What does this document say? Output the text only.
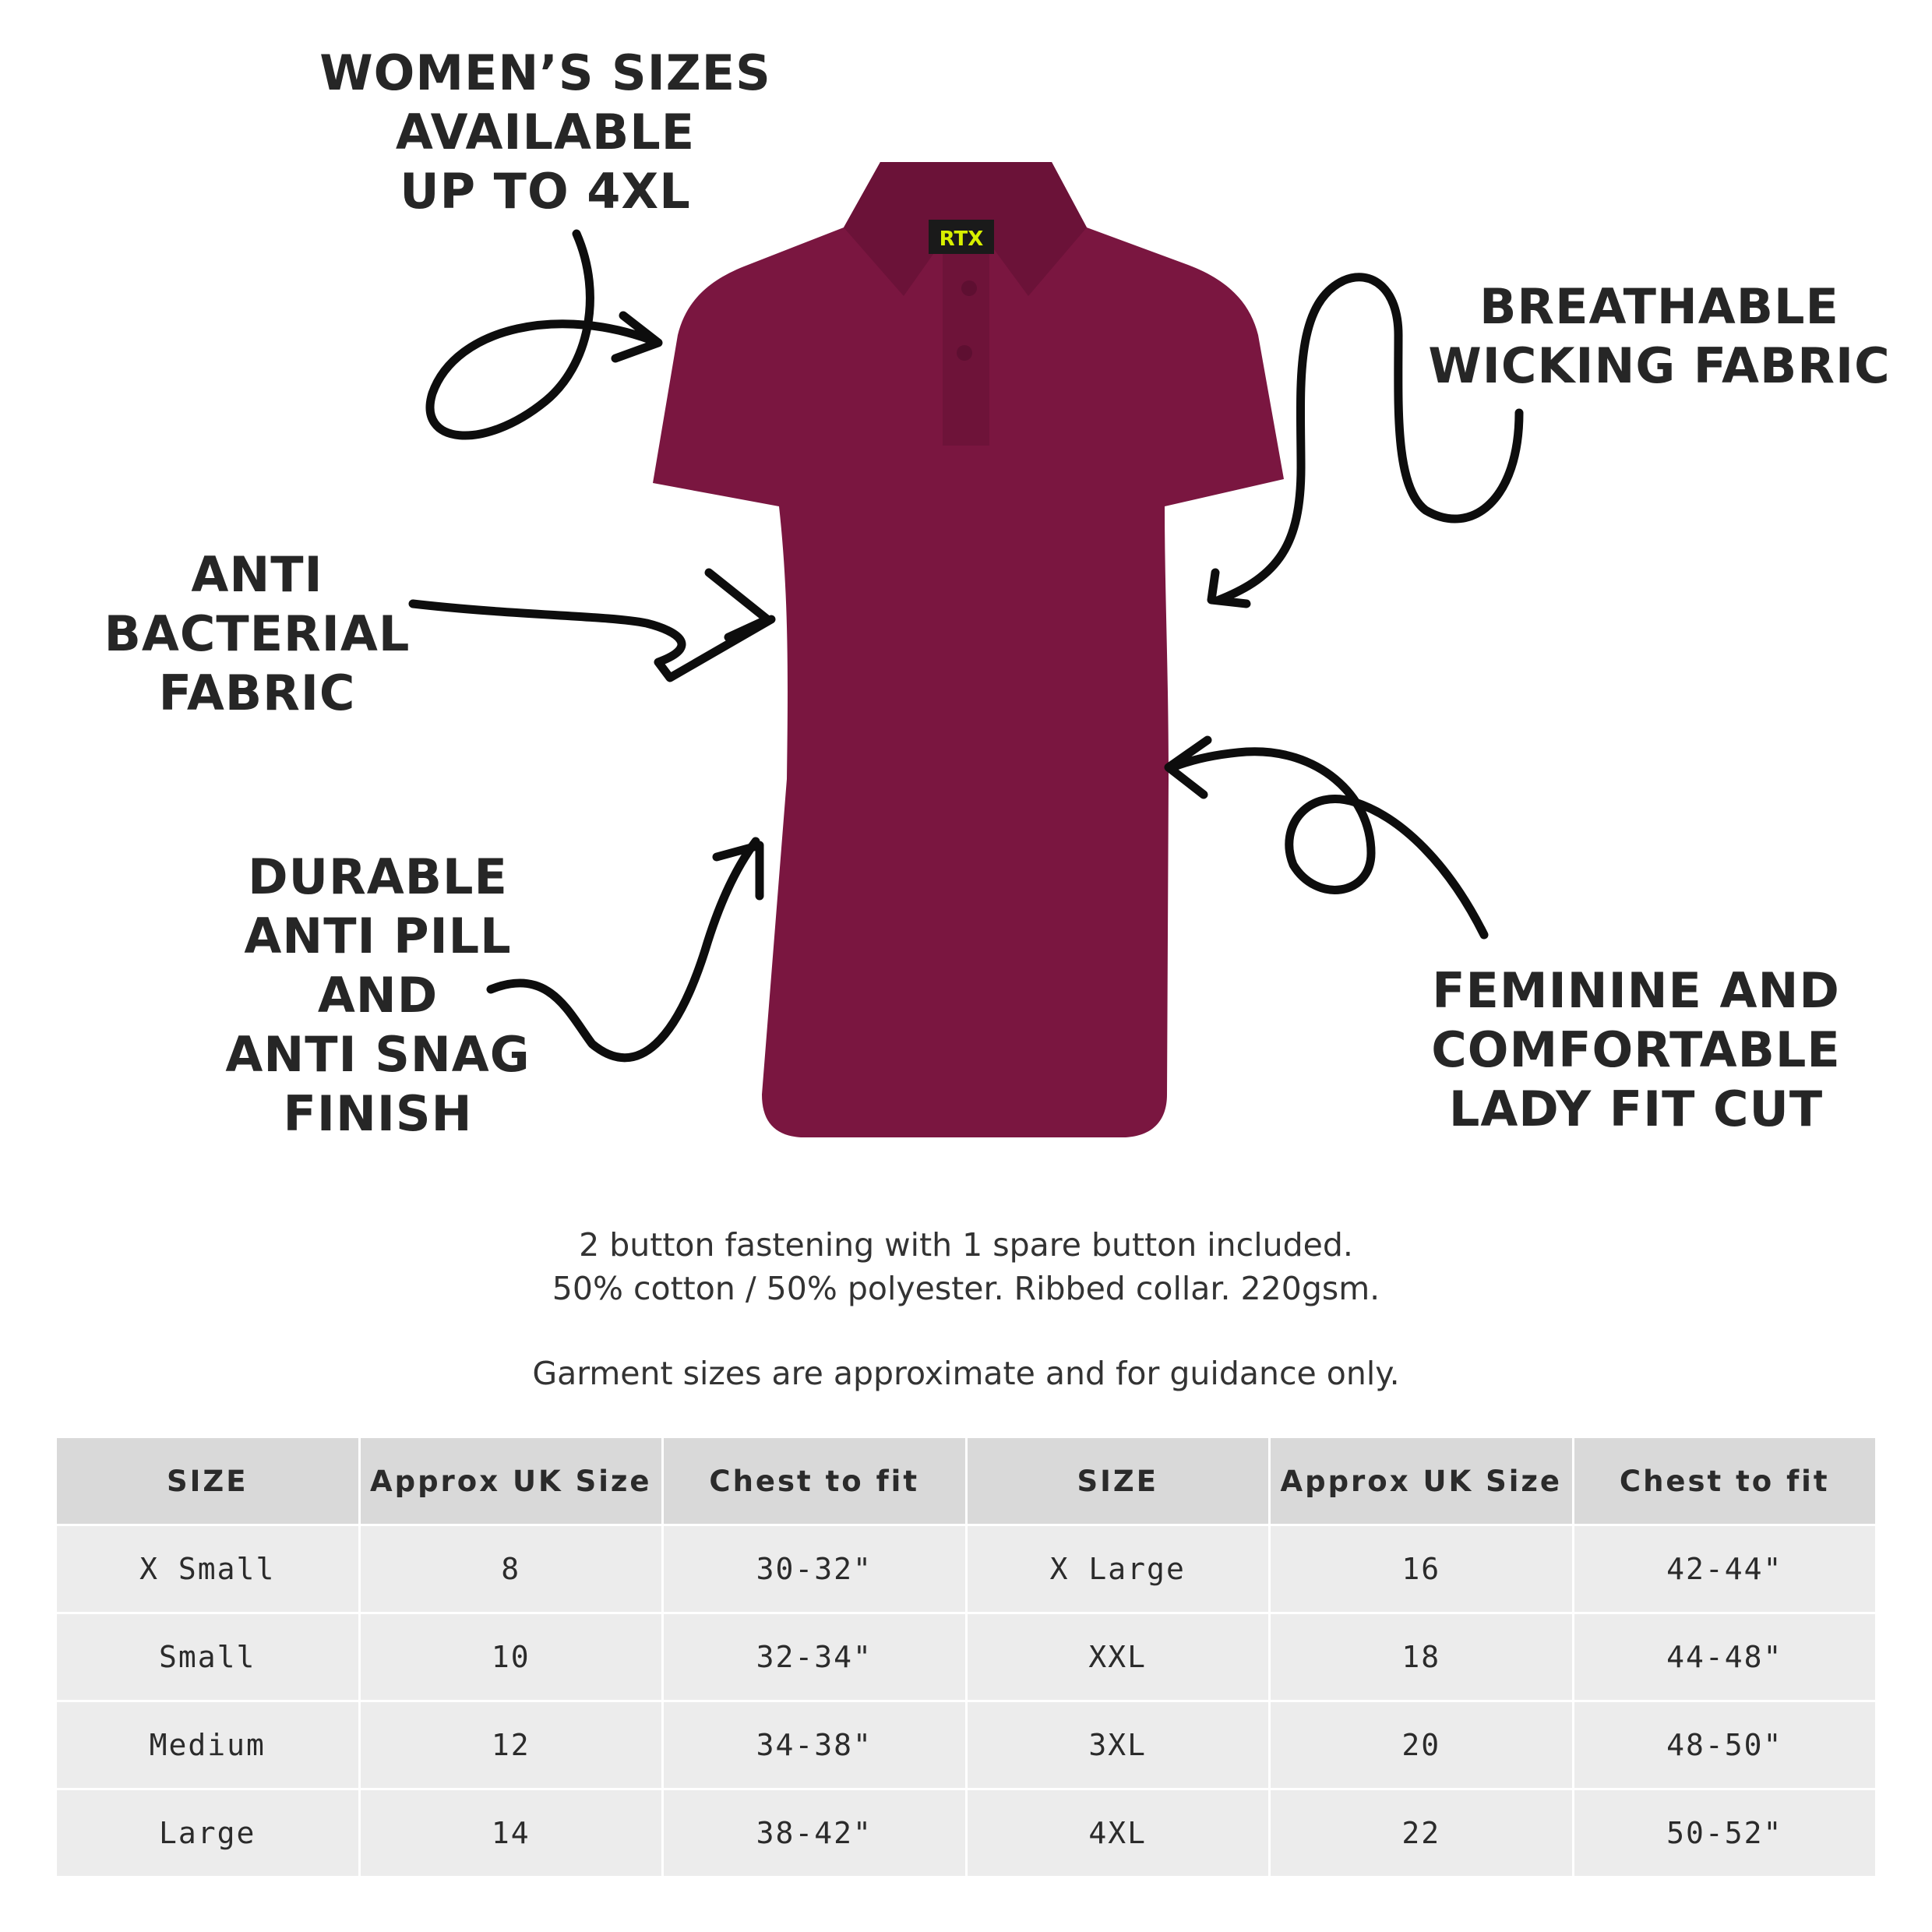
RTX
WOMEN’S SIZES
AVAILABLE
UP TO 4XL
BREATHABLE
WICKING FABRIC
ANTI
BACTERIAL
FABRIC
DURABLE
ANTI PILL
AND
ANTI SNAG
FINISH
FEMININE AND
COMFORTABLE
LADY FIT CUT
2 button fastening with 1 spare button included.
50% cotton / 50% polyester. Ribbed collar. 220gsm.
Garment sizes are approximate and for guidance only.
SIZE	Approx UK Size	Chest to fit	SIZE	Approx UK Size	Chest to fit
X Small	8	30-32"	X Large	16	42-44"
Small	10	32-34"	XXL	18	44-48"
Medium	12	34-38"	3XL	20	48-50"
Large	14	38-42"	4XL	22	50-52"
